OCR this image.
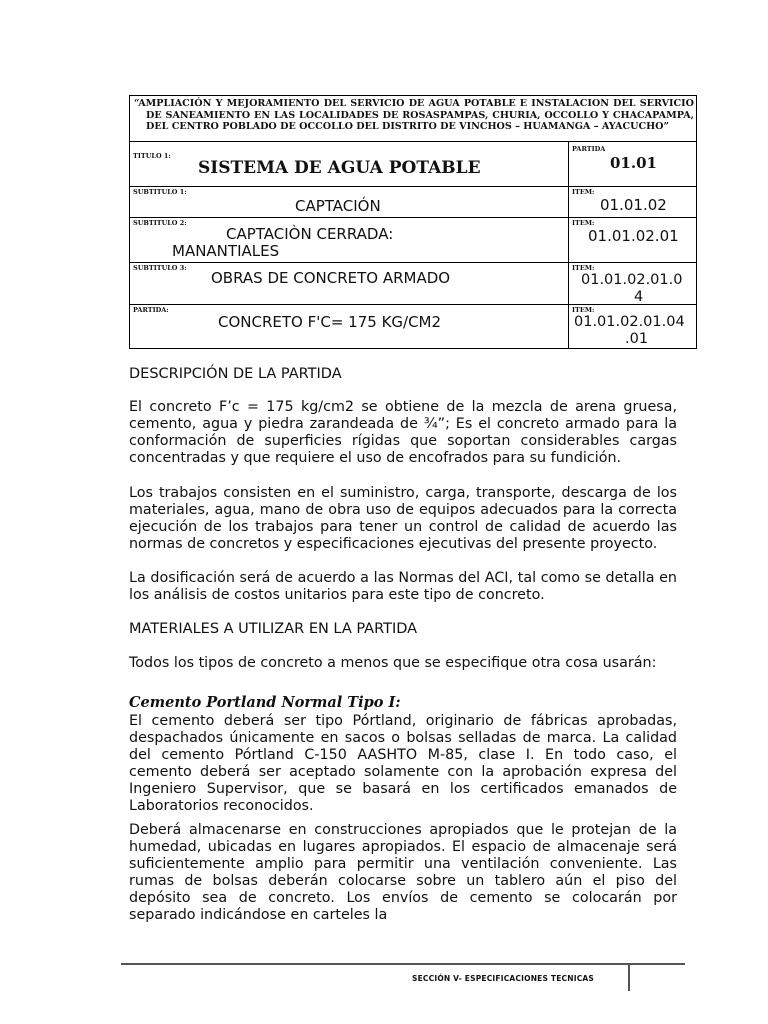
“AMPLIACIÓN Y MEJORAMIENTO DEL SERVICIO DE AGUA POTABLE E INSTALACION DEL SERVICIO DE SANEAMIENTO EN LAS LOCALIDADES DE ROSASPAMPAS, CHURIA, OCCOLLO Y CHACAPAMPA, DEL CENTRO POBLADO DE OCCOLLO DEL DISTRITO DE VINCHOS – HUAMANGA – AYACUCHO”
TITULO 1:
SISTEMA DE AGUA POTABLE
PARTIDA
01.01
SUBTITULO 1:
CAPTACIÓN
ITEM:
01.01.02
SUBTITULO 2:
CAPTACIÒN CERRADA:
MANANTIALES
ITEM:
01.01.02.01
SUBTITULO 3:
OBRAS DE CONCRETO ARMADO
ITEM:
01.01.02.01.0
4
PARTIDA:
CONCRETO F'C= 175 KG/CM2
ITEM:
01.01.02.01.04
.01
DESCRIPCIÓN DE LA PARTIDA

El concreto F’c = 175 kg/cm2 se obtiene de la mezcla de arena gruesa, cemento, agua y piedra zarandeada de ¾”; Es el concreto armado para la conformación de superficies rígidas que soportan considerables cargas concentradas y que requiere el uso de encofrados para su fundición.

Los trabajos consisten en el suministro, carga, transporte, descarga de los materiales, agua, mano de obra uso de equipos adecuados para la correcta ejecución de los trabajos para tener un control de calidad de acuerdo las normas de concretos y especificaciones ejecutivas del presente proyecto.

La dosificación será de acuerdo a las Normas del ACI, tal como se detalla en los análisis de costos unitarios para este tipo de concreto.

MATERIALES A UTILIZAR EN LA PARTIDA

Todos los tipos de concreto a menos que se especifique otra cosa usarán:

Cemento Portland Normal Tipo I:

El cemento deberá ser tipo Pórtland, originario de fábricas aprobadas, despachados únicamente en sacos o bolsas selladas de marca. La calidad del cemento Pórtland C-150 AASHTO M-85, clase I. En todo caso, el cemento deberá ser aceptado solamente con la aprobación expresa del Ingeniero Supervisor, que se basará en los certificados emanados de Laboratorios reconocidos.

Deberá almacenarse en construcciones apropiados que le protejan de la humedad, ubicadas en lugares apropiados. El espacio de almacenaje será suficientemente amplio para permitir una ventilación conveniente. Las rumas de bolsas deberán colocarse sobre un tablero aún el piso del depósito sea de concreto. Los envíos de cemento se colocarán por separado indicándose en carteles la

SECCIÓN V- ESPECIFICACIONES TECNICAS
